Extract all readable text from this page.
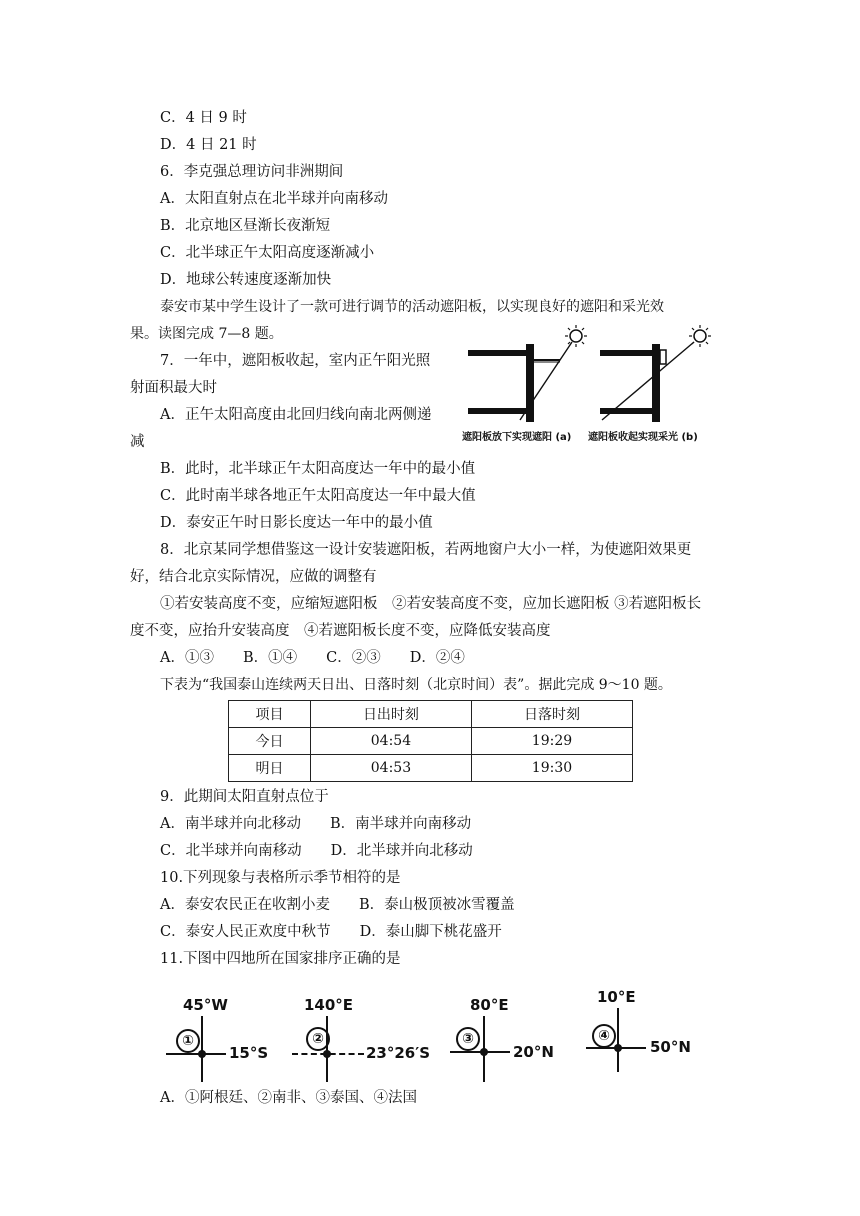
C．4 日 9 时
D．4 日 21 时
6．李克强总理访问非洲期间
A．太阳直射点在北半球并向南移动
B．北京地区昼渐长夜渐短
C．北半球正午太阳高度逐渐减小
D．地球公转速度逐渐加快
泰安市某中学生设计了一款可进行调节的活动遮阳板，以实现良好的遮阳和采光效
果。读图完成 7—8 题。
7．一年中，遮阳板收起，室内正午阳光照
射面积最大时
A．正午太阳高度由北回归线向南北两侧递
减
B．此时，北半球正午太阳高度达一年中的最小值
C．此时南半球各地正午太阳高度达一年中最大值
D．泰安正午时日影长度达一年中的最小值
8．北京某同学想借鉴这一设计安装遮阳板，若两地窗户大小一样，为使遮阳效果更
好，结合北京实际情况，应做的调整有
①若安装高度不变，应缩短遮阳板　②若安装高度不变，应加长遮阳板 ③若遮阳板长
度不变，应抬升安装高度　④若遮阳板长度不变，应降低安装高度
A．①③　　B．①④　　C．②③　　D．②④
下表为“我国泰山连续两天日出、日落时刻（北京时间）表”。据此完成 9～10 题。
遮阳板放下实现遮阳 (a) 遮阳板收起实现采光 (b)
项目	日出时刻	日落时刻
今日	04:54	19:29
明日	04:53	19:30
9．此期间太阳直射点位于
A．南半球并向北移动　　B．南半球并向南移动
C．北半球并向南移动　　D．北半球并向北移动
10.下列现象与表格所示季节相符的是
A．泰安农民正在收割小麦　　B．泰山极顶被冰雪覆盖
C．泰安人民正欢度中秋节　　D．泰山脚下桃花盛开
11.下图中四地所在国家排序正确的是
45°W
①
15°S
140°E
②
23°26′S
80°E
③
20°N
10°E
④
50°N
A．①阿根廷、②南非、③泰国、④法国
